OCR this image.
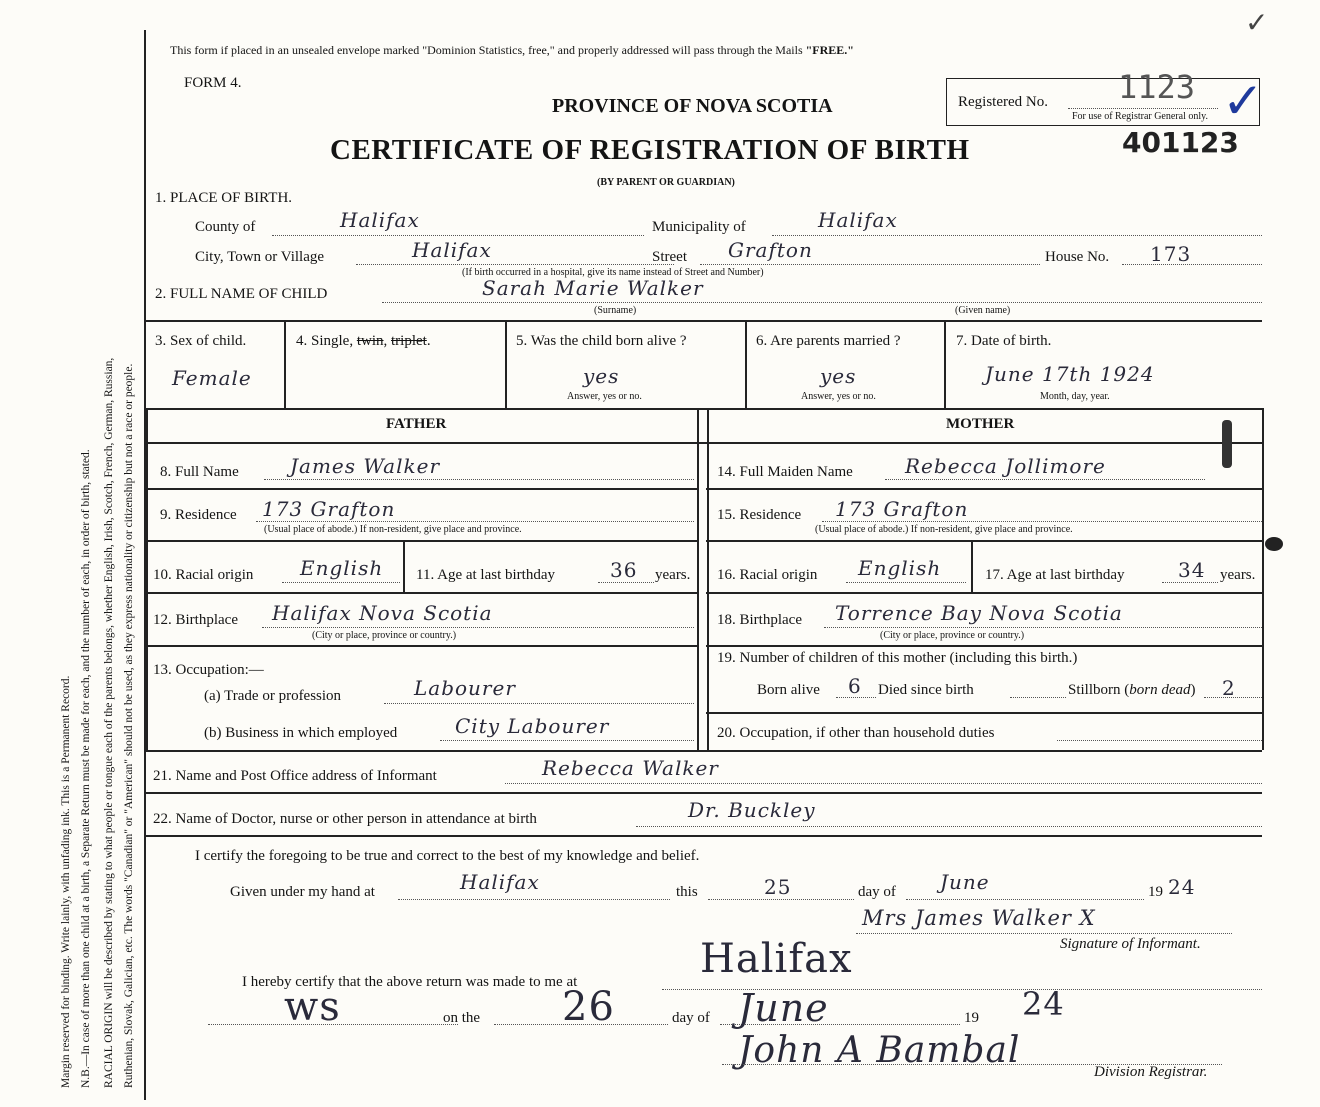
Margin reserved for binding. Write lainly, with unfading ink. This is a Permanent Record. N.B.—In case of more than one child at a birth, a Separate Return must be made for each, and the number of each, in order of birth, stated. RACIAL ORIGIN will be described by stating to what people or tongue each of the parents belongs, whether English, Irish, Scotch, French, German, Russian, Ruthenian, Slovak, Galician, etc. The words "Canadian" or "American" should not be used, as they express nationality or citizenship but not a race or people.
✓
This form if placed in an unsealed envelope marked "Dominion Statistics, free," and properly addressed will pass through the Mails "FREE."
FORM 4.
PROVINCE OF NOVA SCOTIA
CERTIFICATE OF REGISTRATION OF BIRTH
(BY PARENT OR GUARDIAN)
Registered No. 1123
For use of Registrar General only. ✓
401123
1. PLACE OF BIRTH.
County of	Halifax	Municipality of	Halifax
City, Town or Village	Halifax	Street Grafton	House No. 173
(If birth occurred in a hospital, give its name instead of Street and Number)
2. FULL NAME OF CHILD	Sarah Marie Walker
(Surname)	(Given name)
3. Sex of child.
Female
4. Single, twin, triplet.	5. Was the child born alive ?
yes
Answer, yes or no.
6. Are parents married ?
yes
Answer, yes or no.
7. Date of birth.
June 17th 1924
Month, day, year.
FATHER	MOTHER
8. Full Name	James Walker
9. Residence 173 Grafton
(Usual place of abode.) If non-resident, give place and province.
10. Racial origin English 11. Age at last birthday	36 years.
12. Birthplace Halifax Nova Scotia
(City or place, province or country.)
13. Occupation:—
(a) Trade or profession	Labourer
(b) Business in which employed	City Labourer
14. Full Maiden Name	Rebecca Jollimore
15. Residence 173 Grafton
(Usual place of abode.) If non-resident, give place and province.
16. Racial origin English	17. Age at last birthday	34 years.
18. Birthplace Torrence Bay Nova Scotia
(City or place, province or country.)
19. Number of children of this mother (including this birth.)
Born alive 6 Died since birth	Stillborn (born dead) 2
20. Occupation, if other than household duties
21. Name and Post Office address of Informant	Rebecca Walker
22. Name of Doctor, nurse or other person in attendance at birth	Dr. Buckley
I certify the foregoing to be true and correct to the best of my knowledge and belief.
Given under my hand at	Halifax	this	25	day of June	19 24
Mrs James Walker X
Signature of Informant.
I hereby certify that the above return was made to me at	Halifax
ws	on the 26	day of June	19 24
John A Bambal
Division Registrar.
